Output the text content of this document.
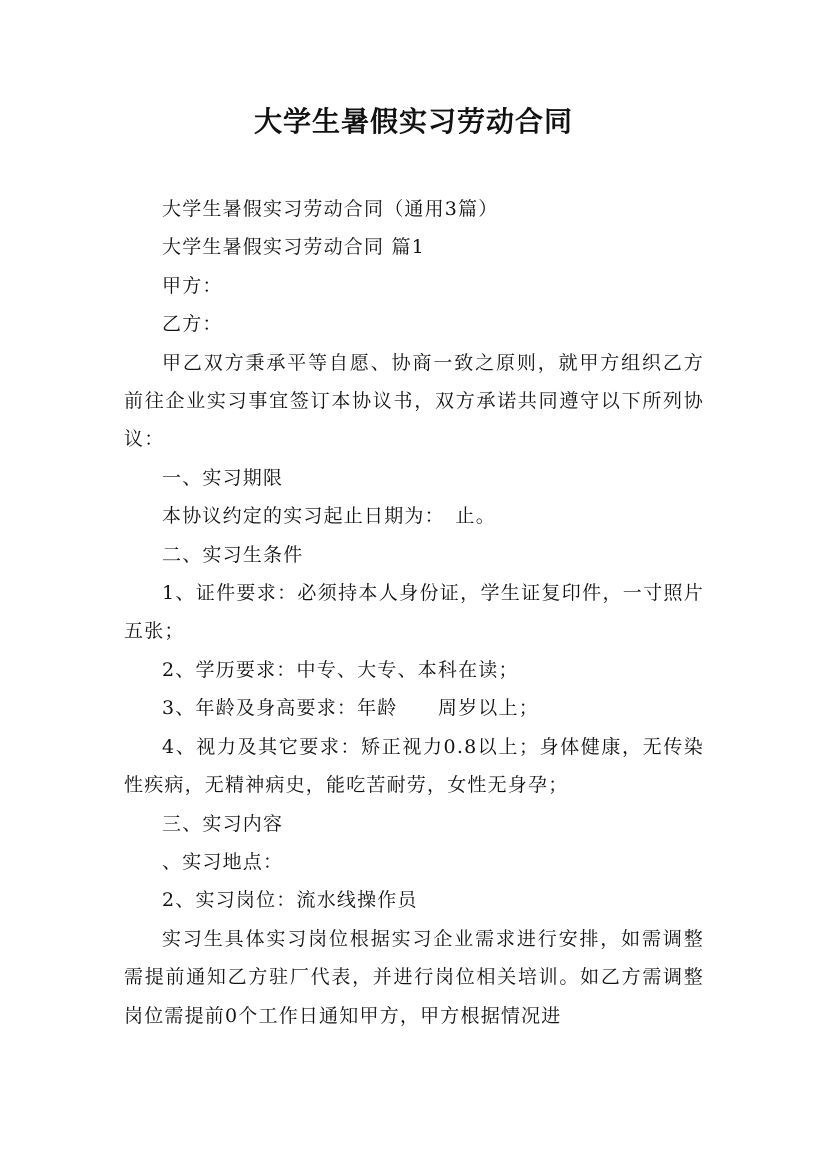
大学生暑假实习劳动合同

大学生暑假实习劳动合同（通用3篇）

大学生暑假实习劳动合同 篇1

甲方：

乙方：

甲乙双方秉承平等自愿、协商一致之原则，就甲方组织乙方前往企业实习事宜签订本协议书，双方承诺共同遵守以下所列协议：

一、实习期限

本协议约定的实习起止日期为：　止。

二、实习生条件

1、证件要求：必须持本人身份证，学生证复印件，一寸照片五张；

2、学历要求：中专、大专、本科在读；

3、年龄及身高要求：年龄　　周岁以上；

4、视力及其它要求：矫正视力0.8以上；身体健康，无传染性疾病，无精神病史，能吃苦耐劳，女性无身孕；

三、实习内容

、实习地点：

2、实习岗位：流水线操作员

实习生具体实习岗位根据实习企业需求进行安排，如需调整需提前通知乙方驻厂代表，并进行岗位相关培训。如乙方需调整岗位需提前0个工作日通知甲方，甲方根据情况进
